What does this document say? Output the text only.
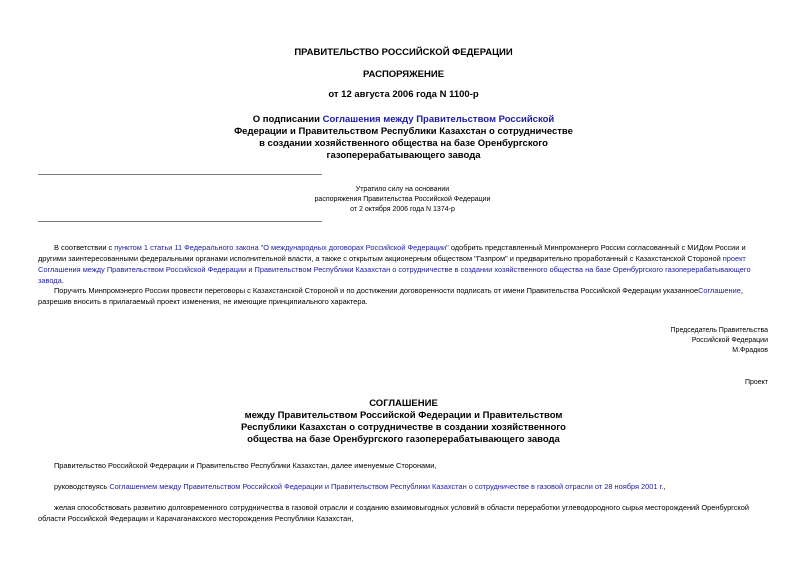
ПРАВИТЕЛЬСТВО РОССИЙСКОЙ ФЕДЕРАЦИИ
РАСПОРЯЖЕНИЕ
от 12 августа 2006 года N 1100-р
О подписании Соглашения между Правительством Российской
Федерации и Правительством Республики Казахстан о сотрудничестве
в создании хозяйственного общества на базе Оренбургского
газоперерабатывающего завода
Утратило силу на основании
распоряжения Правительства Российской Федерации
от 2 октября 2006 года N 1374-р
В соответствии с пунктом 1 статьи 11 Федерального закона "О международных договорах Российской Федерации" одобрить представленный Минпромэнерго России согласованный с МИДом России и другими заинтересованными федеральными органами исполнительной власти, а также с открытым акционерным обществом "Газпром" и предварительно проработанный с Казахстанской Стороной проект Соглашения между Правительством Российской Федерации и Правительством Республики Казахстан о сотрудничестве в создании хозяйственного общества на базе Оренбургского газоперерабатывающего завода.
Поручить Минпромэнерго России провести переговоры с Казахстанской Стороной и по достижении договоренности подписать от имени Правительства Российской Федерации указанноеСоглашение, разрешив вносить в прилагаемый проект изменения, не имеющие принципиального характера.
Председатель Правительства
Российской Федерации
М.Фрадков
Проект
СОГЛАШЕНИЕ
между Правительством Российской Федерации и Правительством
Республики Казахстан о сотрудничестве в создании хозяйственного
общества на базе Оренбургского газоперерабатывающего завода
Правительство Российской Федерации и Правительство Республики Казахстан, далее именуемые Сторонами,
руководствуясь Соглашением между Правительством Российской Федерации и Правительством Республики Казахстан о сотрудничестве в газовой отрасли от 28 ноября 2001 г.,
желая способствовать развитию долговременного сотрудничества в газовой отрасли и созданию взаимовыгодных условий в области переработки углеводородного сырья месторождений Оренбургской области Российской Федерации и Карачаганакского месторождения Республики Казахстан,
